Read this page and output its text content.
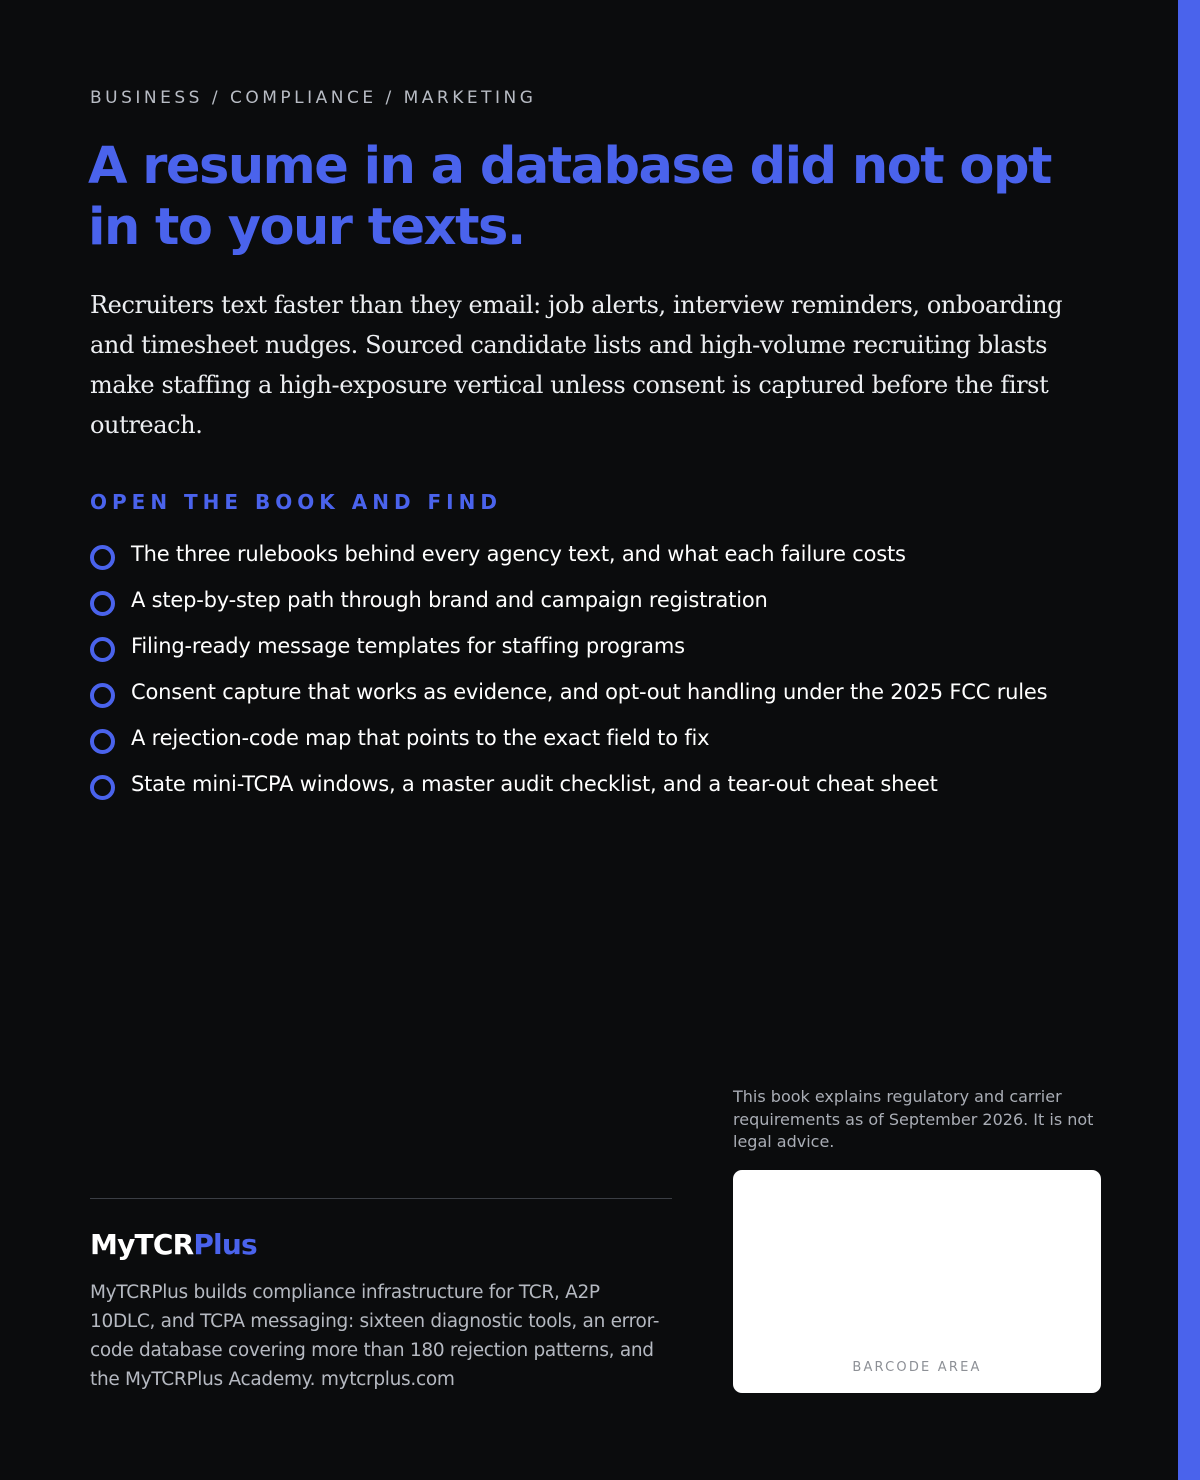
BUSINESS / COMPLIANCE / MARKETING
A resume in a database did not opt in to your texts.

Recruiters text faster than they email: job alerts, interview reminders, onboarding and timesheet nudges. Sourced candidate lists and high-volume recruiting blasts make staffing a high-exposure vertical unless consent is captured before the first outreach.

OPEN THE BOOK AND FIND
The three rulebooks behind every agency text, and what each failure costs
A step-by-step path through brand and campaign registration
Filing-ready message templates for staffing programs
Consent capture that works as evidence, and opt-out handling under the 2025 FCC rules
A rejection-code map that points to the exact field to fix
State mini-TCPA windows, a master audit checklist, and a tear-out cheat sheet

This book explains regulatory and carrier requirements as of September 2026. It is not legal advice.

BARCODE AREA
MyTCRPlus

MyTCRPlus builds compliance infrastructure for TCR, A2P 10DLC, and TCPA messaging: sixteen diagnostic tools, an error-code database covering more than 180 rejection patterns, and the MyTCRPlus Academy. mytcrplus.com
